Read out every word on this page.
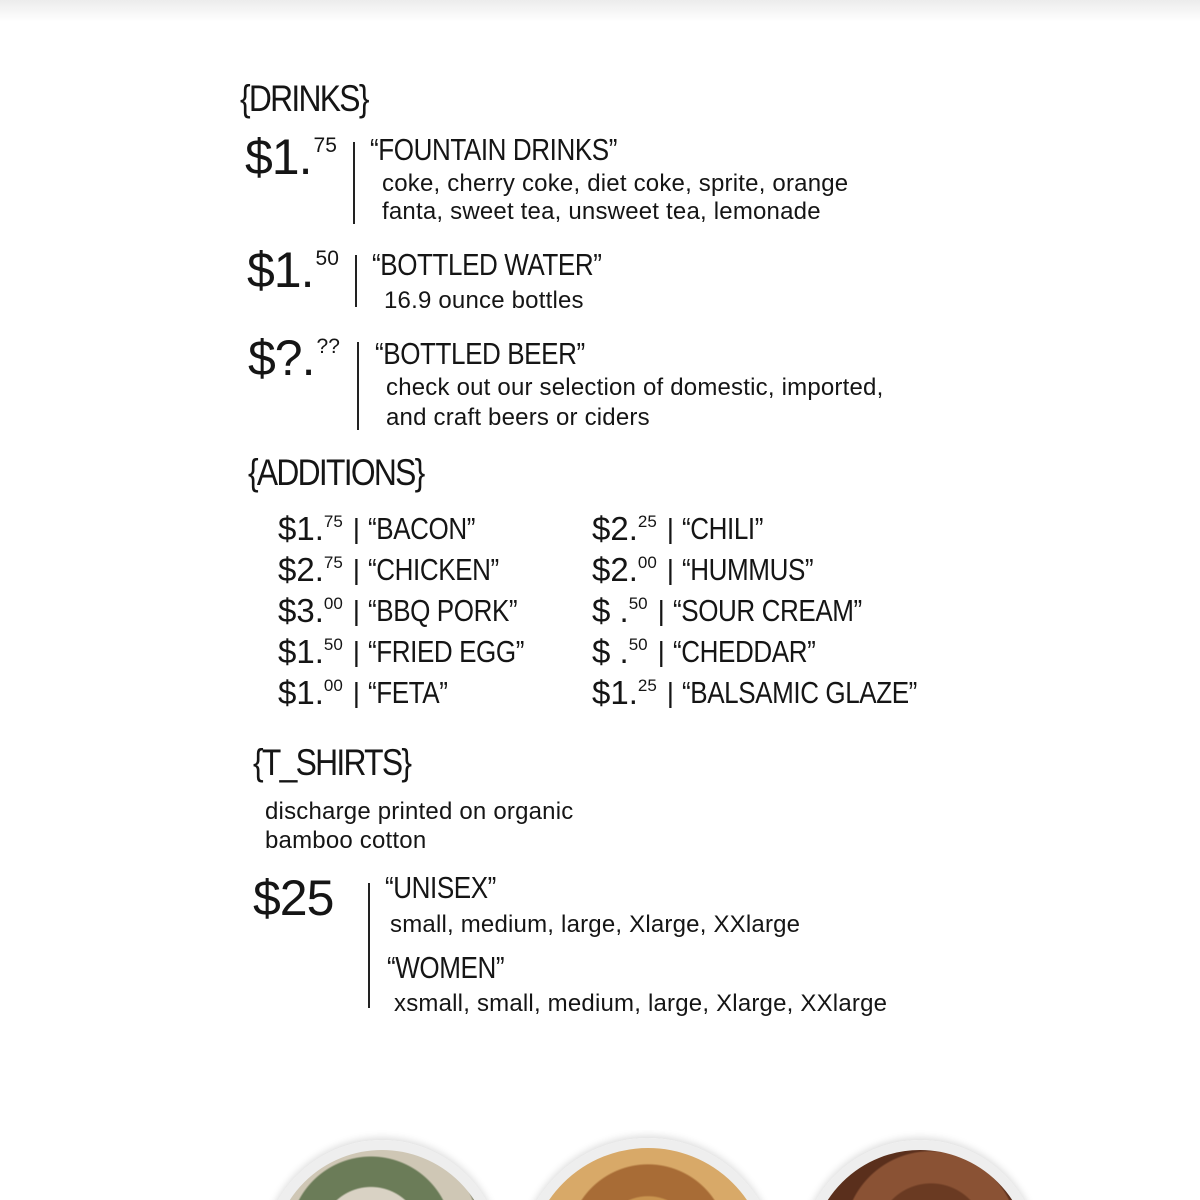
{DRINKS}
$1. 75 “FOUNTAIN DRINKS”
coke, cherry coke, diet coke, sprite, orange
fanta, sweet tea, unsweet tea, lemonade
$1. 50 “BOTTLED WATER”
16.9 ounce bottles
$?. ?? “BOTTLED BEER”
check out our selection of domestic, imported,
and craft beers or ciders
{ADDITIONS}
$1. 75 | “BACON”
$2. 75 | “CHICKEN”
$3. 00 | “BBQ PORK”
$1. 50 | “FRIED EGG”
$1. 00 | “FETA”
$2. 25 | “CHILI”
$2. 00 | “HUMMUS”
$ . 50 | “SOUR CREAM”
$ . 50 | “CHEDDAR”
$1. 25 | “BALSAMIC GLAZE”
{T_SHIRTS}
discharge printed on organic
bamboo cotton
$25 “UNISEX”
small, medium, large, Xlarge, XXlarge
“WOMEN”
xsmall, small, medium, large, Xlarge, XXlarge
